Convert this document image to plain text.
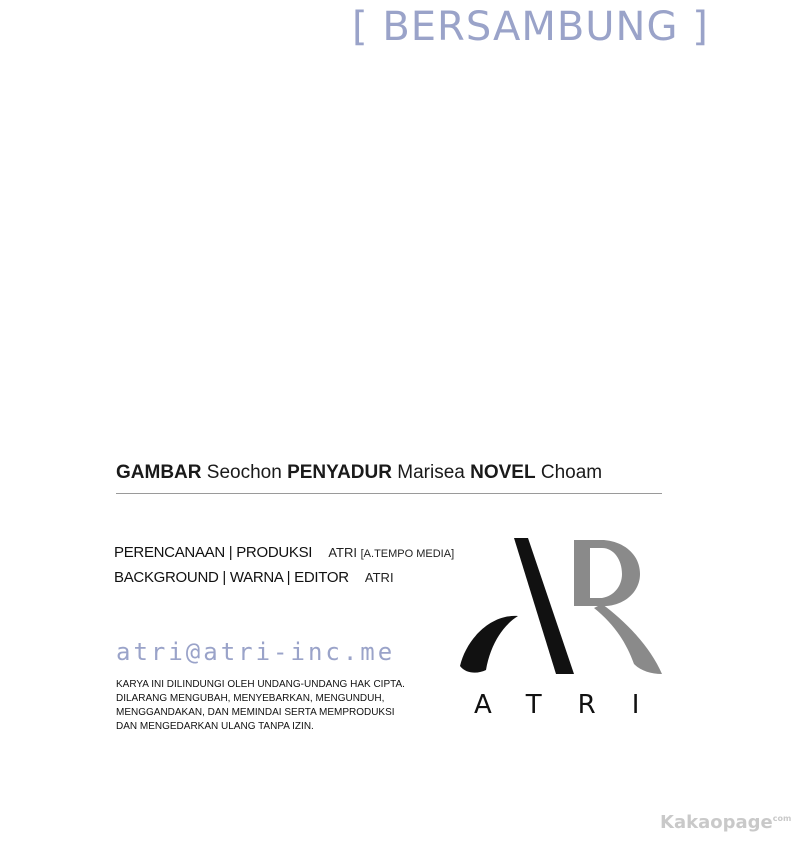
[ BERSAMBUNG ]
GAMBAR Seochon PENYADUR Marisea NOVEL Choam
PERENCANAAN | PRODUKSI ATRI [A.TEMPO MEDIA]
BACKGROUND | WARNA | EDITOR ATRI
atri@atri-inc.me
KARYA INI DILINDUNGI OLEH UNDANG-UNDANG HAK CIPTA.
DILARANG MENGUBAH, MENYEBARKAN, MENGUNDUH,
MENGGANDAKAN, DAN MEMINDAI SERTA MEMPRODUKSI
DAN MENGEDARKAN ULANG TANPA IZIN.
ATRI
Kakaopage$^{com}$
